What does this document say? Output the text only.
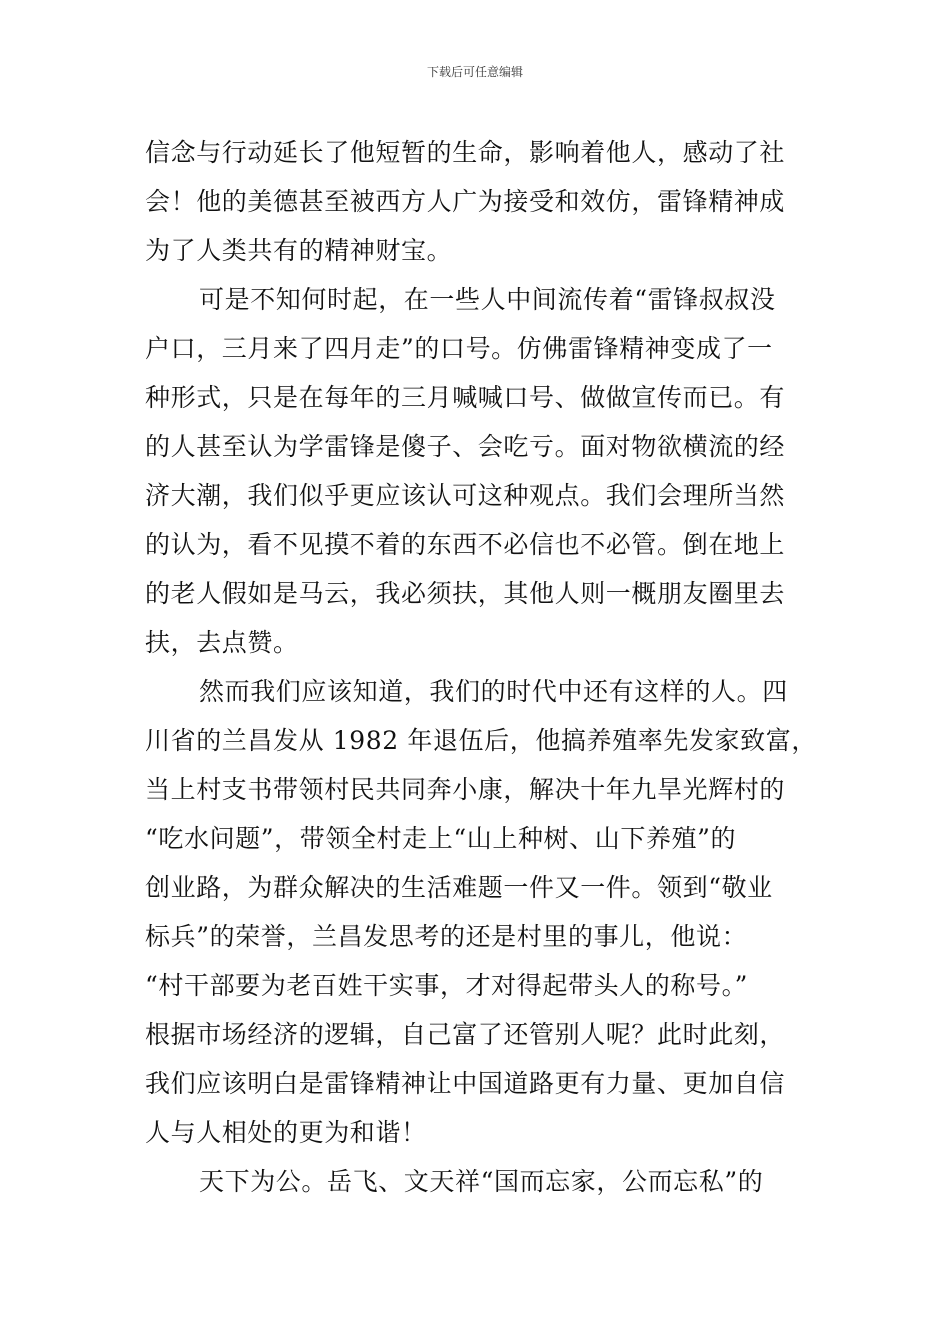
下载后可任意编辑
信念与行动延长了他短暂的生命，影响着他人，感动了社
会！他的美德甚至被西方人广为接受和效仿，雷锋精神成
为了人类共有的精神财宝。
可是不知何时起，在一些人中间流传着“雷锋叔叔没
户口，三月来了四月走”的口号。仿佛雷锋精神变成了一
种形式，只是在每年的三月喊喊口号、做做宣传而已。有
的人甚至认为学雷锋是傻子、会吃亏。面对物欲横流的经
济大潮，我们似乎更应该认可这种观点。我们会理所当然
的认为，看不见摸不着的东西不必信也不必管。倒在地上
的老人假如是马云，我必须扶，其他人则一概朋友圈里去
扶，去点赞。
然而我们应该知道，我们的时代中还有这样的人。四
川省的兰昌发从 1982 年退伍后，他搞养殖率先发家致富，
当上村支书带领村民共同奔小康，解决十年九旱光辉村的
“吃水问题”，带领全村走上“山上种树、山下养殖”的
创业路，为群众解决的生活难题一件又一件。领到“敬业
标兵”的荣誉，兰昌发思考的还是村里的事儿，他说：
“村干部要为老百姓干实事，才对得起带头人的称号。”
根据市场经济的逻辑，自己富了还管别人呢？此时此刻，
我们应该明白是雷锋精神让中国道路更有力量、更加自信
人与人相处的更为和谐！
天下为公。岳飞、文天祥“国而忘家，公而忘私”的
